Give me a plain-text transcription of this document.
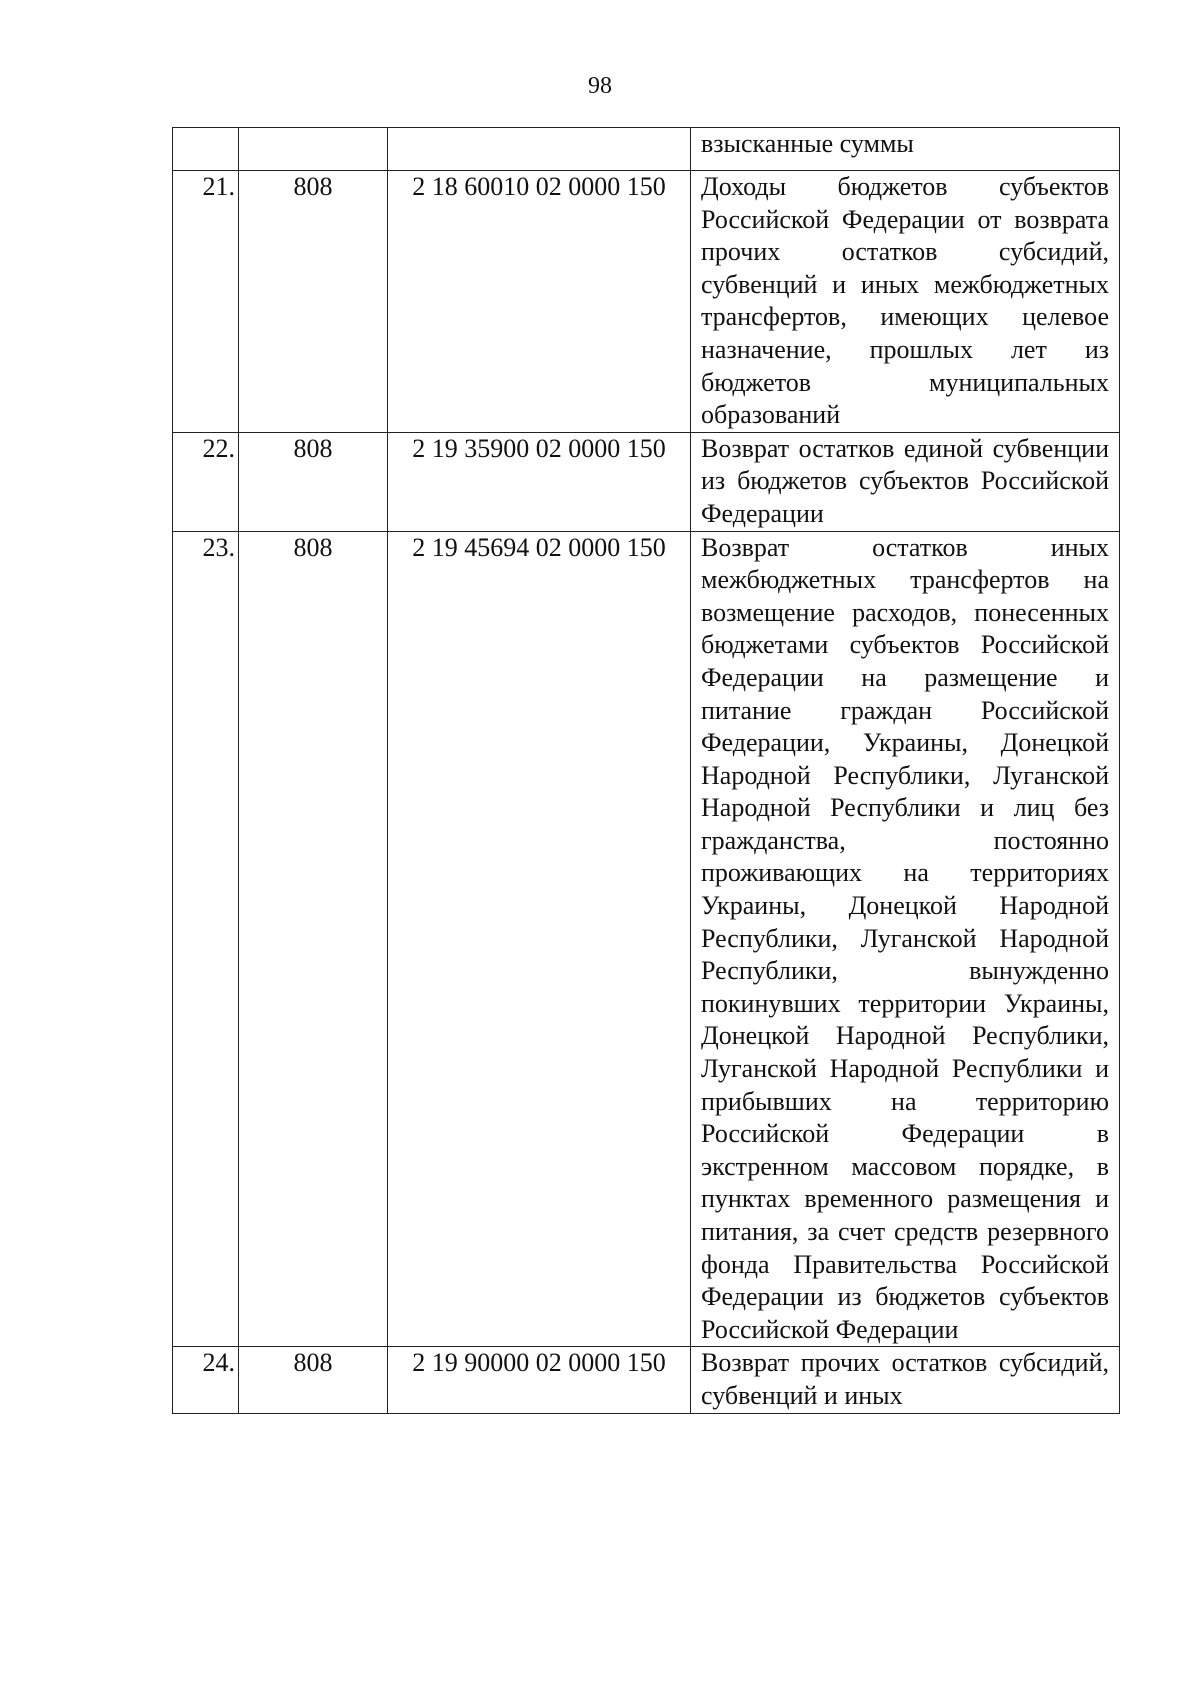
98
			взысканные суммы
21.	808	2 18 60010 02 0000 150	Доходы бюджетов субъектов Российской Федерации от возврата прочих остатков субсидий, субвенций и иных межбюджетных трансфертов, имеющих целевое назначение, прошлых лет из бюджетов муниципальных образований
22.	808	2 19 35900 02 0000 150	Возврат остатков единой субвенции из бюджетов субъектов Российской Федерации
23.	808	2 19 45694 02 0000 150	Возврат остатков иных межбюджетных трансфертов на возмещение расходов, понесенных бюджетами субъектов Российской Федерации на размещение и питание граждан Российской Федерации, Украины, Донецкой Народной Республики, Луганской Народной Республики и лиц без гражданства, постоянно проживающих на территориях Украины, Донецкой Народной Республики, Луганской Народной Республики, вынужденно покинувших территории Украины, Донецкой Народной Республики, Луганской Народной Республики и прибывших на территорию Российской Федерации в экстренном массовом порядке, в пунктах временного размещения и питания, за счет средств резервного фонда Правительства Российской Федерации из бюджетов субъектов Российской Федерации
24.	808	2 19 90000 02 0000 150	Возврат прочих остатков субсидий, субвенций и иных
